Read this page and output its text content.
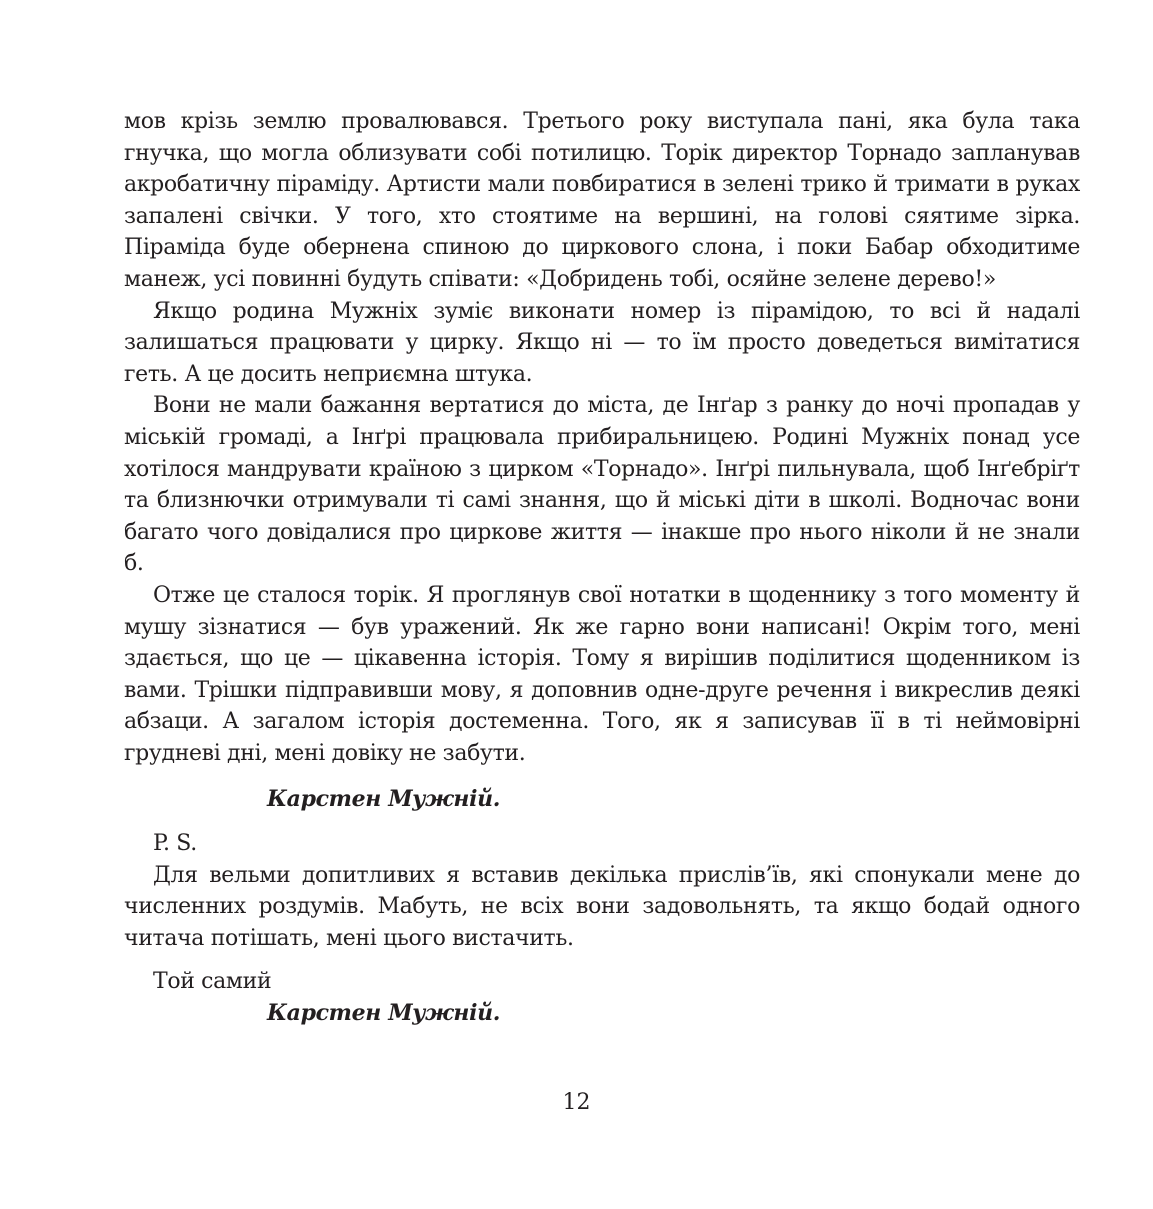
мов крізь землю провалювався. Третього року виступала пані, яка була така гнучка, що могла облизувати собі потилицю. Торік директор Торнадо запланував акробатичну піраміду. Артисти мали повбиратися в зелені трико й тримати в руках запалені свічки. У того, хто стоятиме на вершині, на голові сяятиме зірка. Піраміда буде обернена спиною до циркового слона, і поки Бабар обходитиме манеж, усі повинні будуть співати: «Добридень тобі, осяйне зелене дерево!»

Якщо родина Мужніх зуміє виконати номер із пірамідою, то всі й надалі залишаться працювати у цирку. Якщо ні — то їм просто доведеться вимітатися геть. А це досить неприємна штука.

Вони не мали бажання вертатися до міста, де Інґар з ранку до ночі пропадав у міській громаді, а Інґрі працювала прибиральницею. Родині Мужніх понад усе хотілося мандрувати країною з цирком «Торнадо». Інґрі пильнувала, щоб Інґебріґт та близнючки отримували ті самі знання, що й міські діти в школі. Водночас вони багато чого довідалися про циркове життя — інакше про нього ніколи й не знали б.

Отже це сталося торік. Я проглянув свої нотатки в щоденнику з того моменту й мушу зізнатися — був уражений. Як же гарно вони написані! Окрім того, мені здається, що це — цікавенна історія. Тому я вирішив поділитися щоденником із вами. Трішки підправивши мову, я доповнив одне-друге речення і викреслив деякі абзаци. А загалом історія достеменна. Того, як я записував її в ті неймовірні грудневі дні, мені довіку не забути.

Карстен Мужній.

P. S.

Для вельми допитливих я вставив декілька прислів’їв, які спонукали мене до численних роздумів. Мабуть, не всіх вони задовольнять, та якщо бодай одного читача потішать, мені цього вистачить.

Той самий

Карстен Мужній.

12
